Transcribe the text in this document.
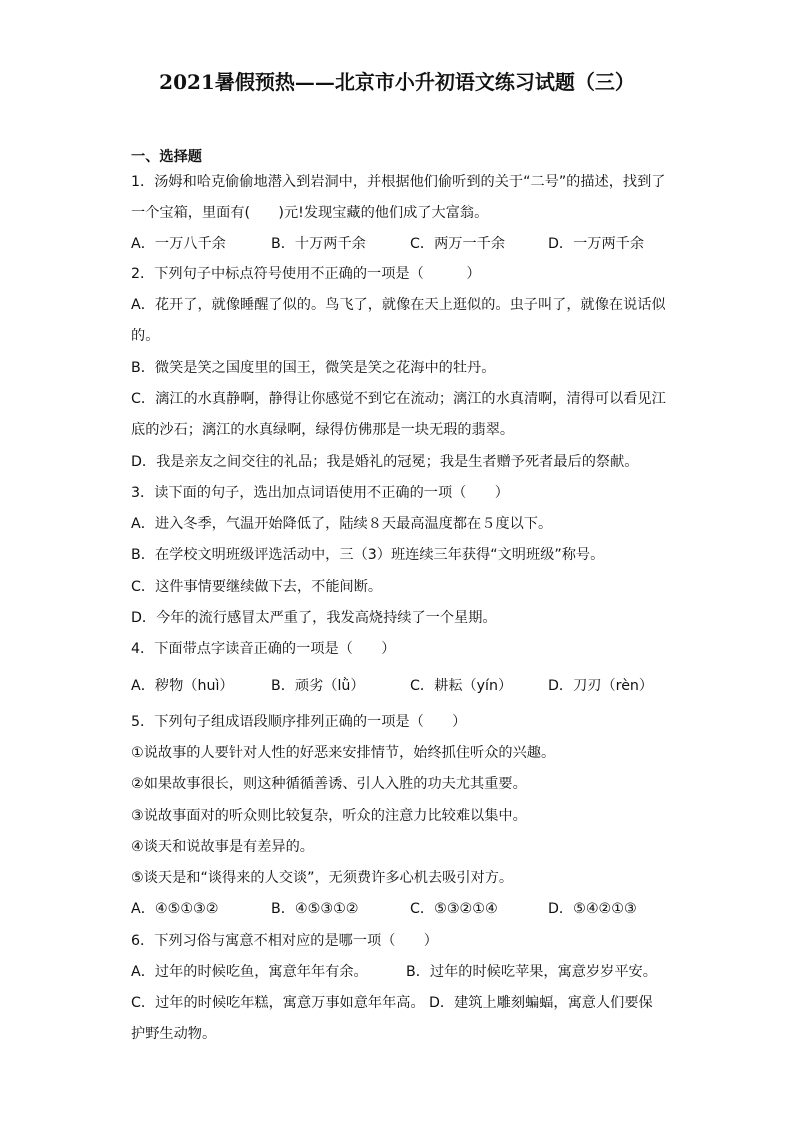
2021暑假预热——北京市小升初语文练习试题（三）
一、选择题
1．汤姆和哈克偷偷地潜入到岩洞中，并根据他们偷听到的关于“二号”的描述，找到了
一个宝箱，里面有(　　)元!发现宝藏的他们成了大富翁。
A．一万八千余	B．十万两千余	C．两万一千余	D．一万两千余
2．下列句子中标点符号使用不正确的一项是（　　　）
A．花开了，就像睡醒了似的。鸟飞了，就像在天上逛似的。虫子叫了，就像在说话似
的。
B．微笑是笑之国度里的国王，微笑是笑之花海中的牡丹。
C．漓江的水真静啊，静得让你感觉不到它在流动；漓江的水真清啊，清得可以看见江
底的沙石；漓江的水真绿啊，绿得仿佛那是一块无瑕的翡翠。
D．我是亲友之间交往的礼品；我是婚礼的冠冕；我是生者赠予死者最后的祭献。
3．读下面的句子，选出加点词语使用不正确的一项（　　）
A．进入冬季，气温开始降低了，陆续８天最高温度都在５度以下。
B．在学校文明班级评选活动中，三（3）班连续三年获得“文明班级”称号。
C．这件事情要继续做下去，不能间断。
D．今年的流行感冒太严重了，我发高烧持续了一个星期。
4．下面带点字读音正确的一项是（　　）
A．秽物（huì）	B．顽劣（lǜ）	C．耕耘（yín）	D．刀刃（rèn）
5．下列句子组成语段顺序排列正确的一项是（　　）
①说故事的人要针对人性的好恶来安排情节，始终抓住听众的兴趣。
②如果故事很长，则这种循循善诱、引人入胜的功夫尤其重要。
③说故事面对的听众则比较复杂，听众的注意力比较难以集中。
④谈天和说故事是有差异的。
⑤谈天是和“谈得来的人交谈”，无须费许多心机去吸引对方。
A．④⑤①③②	B．④⑤③①②	C．⑤③②①④	D．⑤④②①③
6．下列习俗与寓意不相对应的是哪一项（　　）
A．过年的时候吃鱼，寓意年年有余。	B．过年的时候吃苹果，寓意岁岁平安。
C．过年的时候吃年糕，寓意万事如意年年高。 D．建筑上雕刻蝙蝠，寓意人们要保
护野生动物。
